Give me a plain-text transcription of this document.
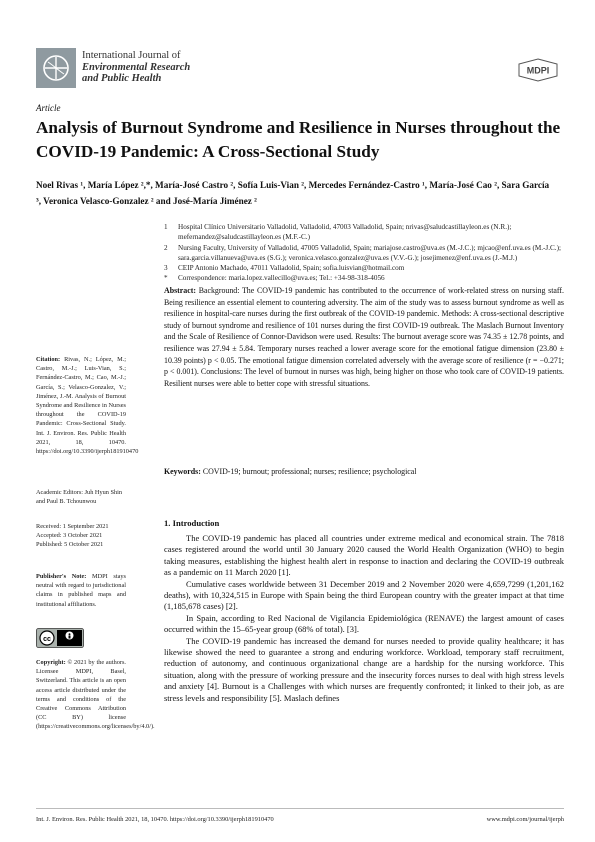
International Journal of
Environmental Research
and Public Health
MDPI
Article
Analysis of Burnout Syndrome and Resilience in Nurses throughout the COVID-19 Pandemic: A Cross-Sectional Study
Noel Rivas ¹, María López ²,*, María-José Castro ², Sofía Luis-Vian ², Mercedes Fernández-Castro ¹, María-José Cao ², Sara García ³, Veronica Velasco-Gonzalez ² and José-María Jiménez ²
1	Hospital Clínico Universitario Valladolid, Valladolid, 47003 Valladolid, Spain; nrivas@saludcastillayleon.es (N.R.); mefernandez@saludcastillayleon.es (M.F.-C.)
2	Nursing Faculty, University of Valladolid, 47005 Valladolid, Spain; mariajose.castro@uva.es (M.-J.C.); mjcao@enf.uva.es (M.-J.C.); sara.garcia.villanueva@uva.es (S.G.); veronica.velasco.gonzalez@uva.es (V.V.-G.); josejimenez@enf.uva.es (J.-M.J.)
3	CEIP Antonio Machado, 47011 Valladolid, Spain; sofia.luisvian@hotmail.com
*	Correspondence: maria.lopez.vallecillo@uva.es; Tel.: +34-98-318-4056
Abstract: Background: The COVID-19 pandemic has contributed to the occurrence of work-related stress on nursing staff. Being resilience an essential element to countering adversity. The aim of the study was to assess burnout syndrome as well as resilience in hospital-care nurses during the first outbreak of the COVID-19 pandemic. Methods: A cross-sectional descriptive study of burnout syndrome and resilience of 101 nurses during the first COVID-19 outbreak. The Maslach Burnout Inventory and the Scale of Resilience of Connor-Davidson were used. Results: The burnout average score was 74.35 ± 12.78 points, and resilience was 27.94 ± 5.84. Temporary nurses reached a lower average score for the emotional fatigue dimension (23.80 ± 10.39 points) p < 0.05. The emotional fatigue dimension correlated adversely with the average score of resilience (r = −0.271; p < 0.001). Conclusions: The level of burnout in nurses was high, being higher on those who took care of COVID-19 patients. Resilient nurses were able to better cope with stressful situations.
Keywords: COVID-19; burnout; professional; nurses; resilience; psychological
Citation: Rivas, N.; López, M.; Castro, M.-J.; Luis-Vian, S.; Fernández-Castro, M.; Cao, M.-J.; García, S.; Velasco-Gonzalez, V.; Jiménez, J.-M. Analysis of Burnout Syndrome and Resilience in Nurses throughout the COVID-19 Pandemic: Cross-Sectional Study. Int. J. Environ. Res. Public Health 2021, 18, 10470. https://doi.org/10.3390/ijerph181910470
Academic Editors: Juh Hyun Shin and Paul B. Tchounwou
Received: 1 September 2021
Accepted: 3 October 2021
Published: 5 October 2021
Publisher's Note: MDPI stays neutral with regard to jurisdictional claims in published maps and institutional affiliations.
cc
Copyright: © 2021 by the authors. Licensee MDPI, Basel, Switzerland. This article is an open access article distributed under the terms and conditions of the Creative Commons Attribution (CC BY) license (https://creativecommons.org/licenses/by/4.0/).
1. Introduction

The COVID-19 pandemic has placed all countries under extreme medical and economical strain. The 7818 cases registered around the world until 30 January 2020 caused the World Health Organization (WHO) to begin taking measures, establishing the highest health alert in response to inaction and declaring the COVID-19 outbreak as a pandemic on 11 March 2020 [1].

Cumulative cases worldwide between 31 December 2019 and 2 November 2020 were 4,659,7299 (1,201,162 deaths), with 10,324,515 in Europe with Spain being the third European country with the greater impact at that time (1,185,678 cases) [2].

In Spain, according to Red Nacional de Vigilancia Epidemiológica (RENAVE) the largest amount of cases occurred within the 15–65-year group (68% of total). [3].

The COVID-19 pandemic has increased the demand for nurses needed to provide quality healthcare; it has likewise showed the need to guarantee a strong and enduring workforce. Workload, temporary staff recruitment, reduction of autonomy, and continuous organizational change are a hardship for the nursing workforce. This situation, along with the pressure of working pressure and the insecurity forces nurses to deal with high stress levels and anxiety [4]. Burnout is a Challenges with which nurses are frequently confronted; it linked to their job, as are stress levels and responsibility [5]. Maslach defines

Int. J. Environ. Res. Public Health 2021, 18, 10470. https://doi.org/10.3390/ijerph181910470	www.mdpi.com/journal/ijerph
